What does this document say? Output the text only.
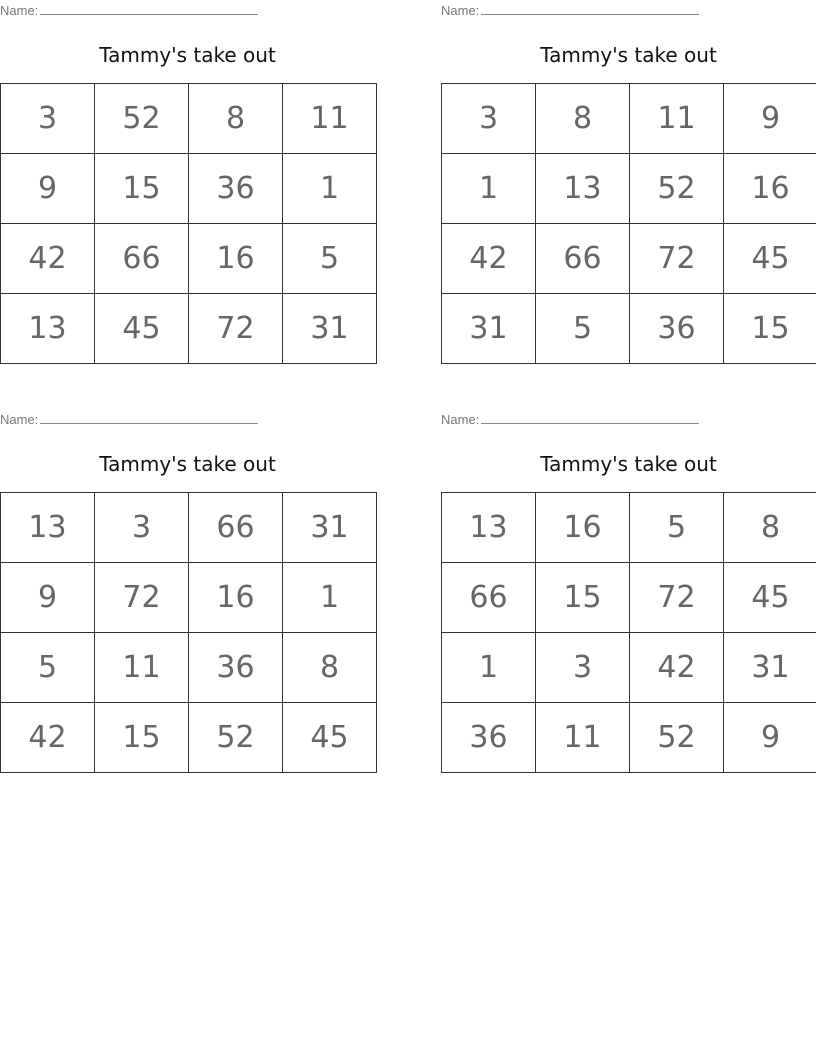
Name:
Tammy's take out
3	52	8	11
9	15	36	1
42	66	16	5
13	45	72	31
Name:
Tammy's take out
3	8	11	9
1	13	52	16
42	66	72	45
31	5	36	15
Name:
Tammy's take out
13	3	66	31
9	72	16	1
5	11	36	8
42	15	52	45
Name:
Tammy's take out
13	16	5	8
66	15	72	45
1	3	42	31
36	11	52	9
